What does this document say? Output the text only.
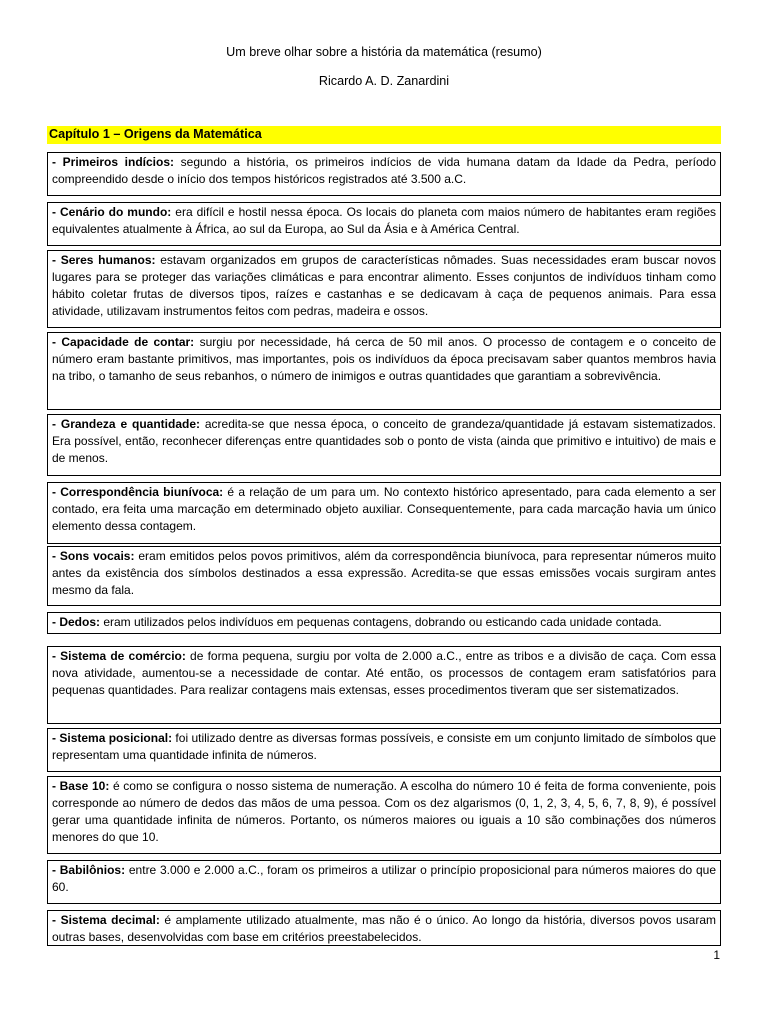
Um breve olhar sobre a história da matemática (resumo)
Ricardo A. D. Zanardini
Capítulo 1 – Origens da Matemática
- Primeiros indícios: segundo a história, os primeiros indícios de vida humana datam da Idade da Pedra, período compreendido desde o início dos tempos históricos registrados até 3.500 a.C.
- Cenário do mundo: era difícil e hostil nessa época. Os locais do planeta com maios número de habitantes eram regiões equivalentes atualmente à África, ao sul da Europa, ao Sul da Ásia e à América Central.
- Seres humanos: estavam organizados em grupos de características nômades. Suas necessidades eram buscar novos lugares para se proteger das variações climáticas e para encontrar alimento. Esses conjuntos de indivíduos tinham como hábito coletar frutas de diversos tipos, raízes e castanhas e se dedicavam à caça de pequenos animais. Para essa atividade, utilizavam instrumentos feitos com pedras, madeira e ossos.
- Capacidade de contar: surgiu por necessidade, há cerca de 50 mil anos. O processo de contagem e o conceito de número eram bastante primitivos, mas importantes, pois os indivíduos da época precisavam saber quantos membros havia na tribo, o tamanho de seus rebanhos, o número de inimigos e outras quantidades que garantiam a sobrevivência.
- Grandeza e quantidade: acredita-se que nessa época, o conceito de grandeza/quantidade já estavam sistematizados. Era possível, então, reconhecer diferenças entre quantidades sob o ponto de vista (ainda que primitivo e intuitivo) de mais e de menos.
- Correspondência biunívoca: é a relação de um para um. No contexto histórico apresentado, para cada elemento a ser contado, era feita uma marcação em determinado objeto auxiliar. Consequentemente, para cada marcação havia um único elemento dessa contagem.
- Sons vocais: eram emitidos pelos povos primitivos, além da correspondência biunívoca, para representar números muito antes da existência dos símbolos destinados a essa expressão. Acredita-se que essas emissões vocais surgiram antes mesmo da fala.
- Dedos: eram utilizados pelos indivíduos em pequenas contagens, dobrando ou esticando cada unidade contada.
- Sistema de comércio: de forma pequena, surgiu por volta de 2.000 a.C., entre as tribos e a divisão de caça. Com essa nova atividade, aumentou-se a necessidade de contar. Até então, os processos de contagem eram satisfatórios para pequenas quantidades. Para realizar contagens mais extensas, esses procedimentos tiveram que ser sistematizados.
- Sistema posicional: foi utilizado dentre as diversas formas possíveis, e consiste em um conjunto limitado de símbolos que representam uma quantidade infinita de números.
- Base 10: é como se configura o nosso sistema de numeração. A escolha do número 10 é feita de forma conveniente, pois corresponde ao número de dedos das mãos de uma pessoa. Com os dez algarismos (0, 1, 2, 3, 4, 5, 6, 7, 8, 9), é possível gerar uma quantidade infinita de números. Portanto, os números maiores ou iguais a 10 são combinações dos números menores do que 10.
- Babilônios: entre 3.000 e 2.000 a.C., foram os primeiros a utilizar o princípio proposicional para números maiores do que 60.
- Sistema decimal: é amplamente utilizado atualmente, mas não é o único. Ao longo da história, diversos povos usaram outras bases, desenvolvidas com base em critérios preestabelecidos.
1
